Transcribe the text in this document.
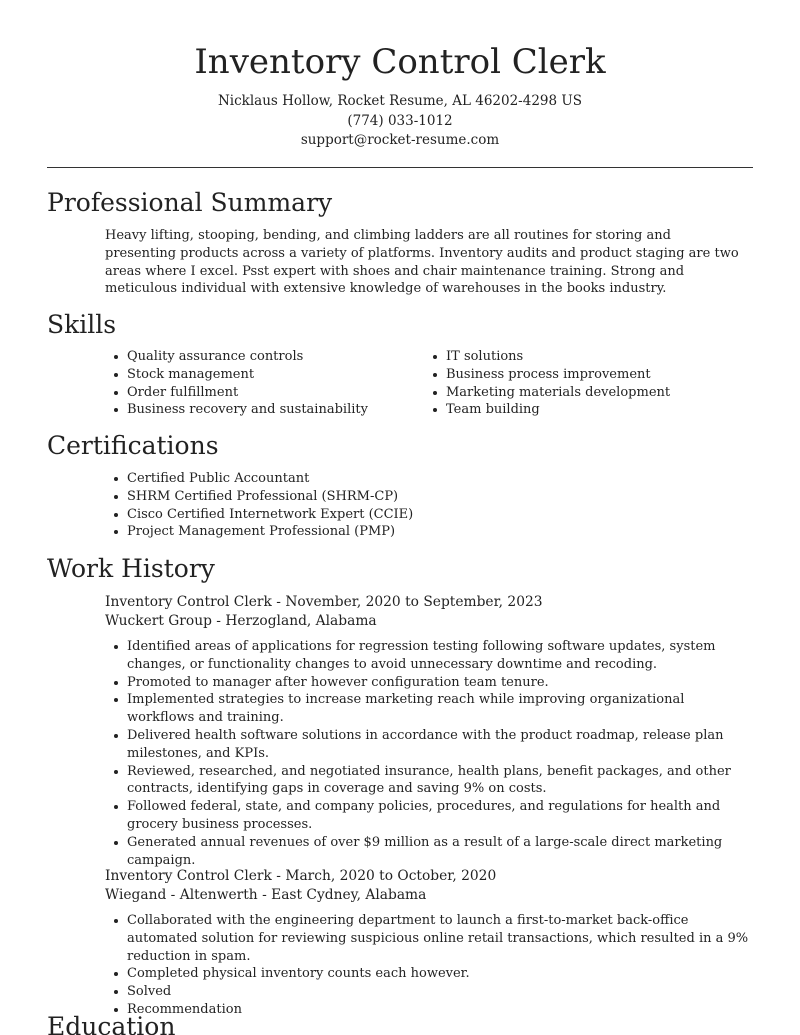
Inventory Control Clerk

Nicklaus Hollow, Rocket Resume, AL 46202-4298 US

(774) 033-1012

support@rocket-resume.com

Professional Summary

Heavy lifting, stooping, bending, and climbing ladders are all routines for storing and presenting products across a variety of platforms. Inventory audits and product staging are two areas where I excel. Psst expert with shoes and chair maintenance training. Strong and meticulous individual with extensive knowledge of warehouses in the books industry.

Skills
Quality assurance controls
Stock management
Order fulfillment
Business recovery and sustainability
IT solutions
Business process improvement
Marketing materials development
Team building
Certifications
Certified Public Accountant
SHRM Certified Professional (SHRM-CP)
Cisco Certified Internetwork Expert (CCIE)
Project Management Professional (PMP)
Work History
Inventory Control Clerk - November, 2020 to September, 2023
Wuckert Group - Herzogland, Alabama
Identified areas of applications for regression testing following software updates, system changes, or functionality changes to avoid unnecessary downtime and recoding.
Promoted to manager after however configuration team tenure.
Implemented strategies to increase marketing reach while improving organizational workflows and training.
Delivered health software solutions in accordance with the product roadmap, release plan milestones, and KPIs.
Reviewed, researched, and negotiated insurance, health plans, benefit packages, and other contracts, identifying gaps in coverage and saving 9% on costs.
Followed federal, state, and company policies, procedures, and regulations for health and grocery business processes.
Generated annual revenues of over $9 million as a result of a large-scale direct marketing campaign.
Inventory Control Clerk - March, 2020 to October, 2020
Wiegand - Altenwerth - East Cydney, Alabama
Collaborated with the engineering department to launch a first-to-market back-office automated solution for reviewing suspicious online retail transactions, which resulted in a 9% reduction in spam.
Completed physical inventory counts each however.
Solved
Recommendation
Education
